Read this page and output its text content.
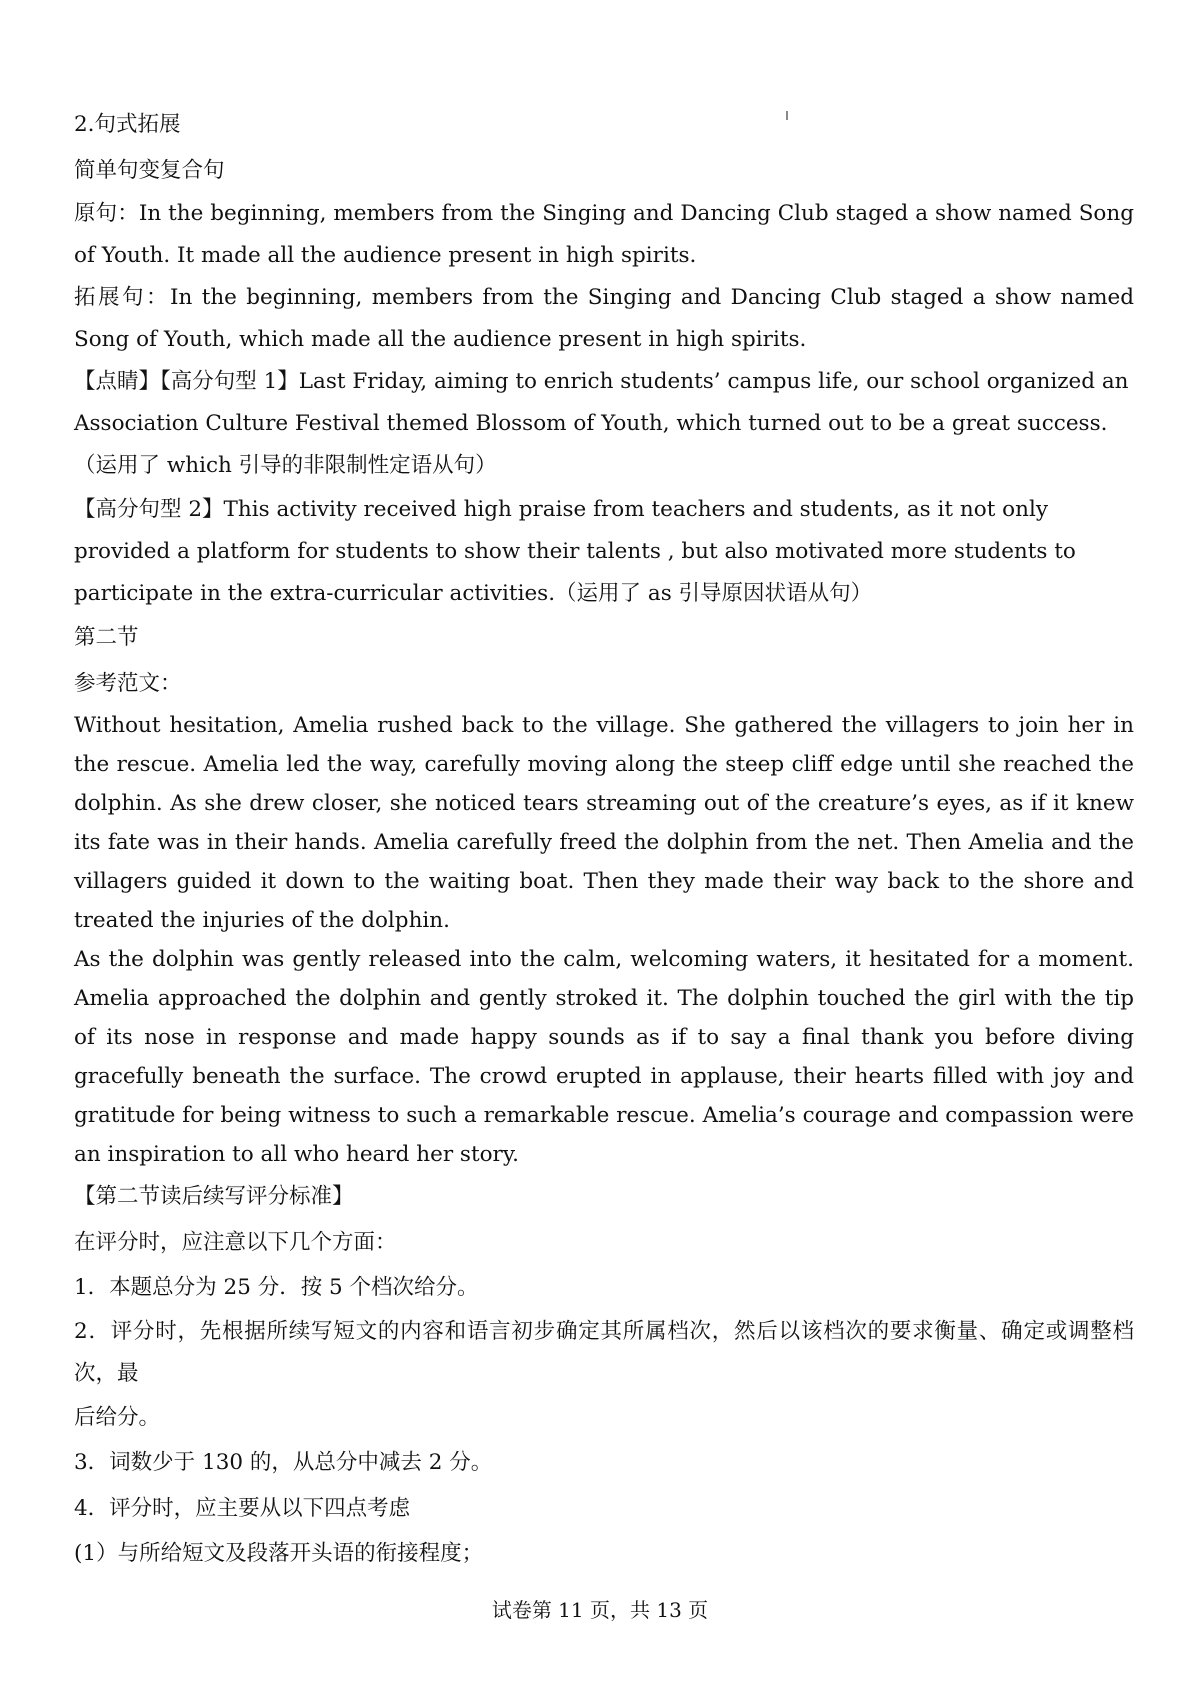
2.句式拓展
简单句变复合句
原句：In the beginning, members from the Singing and Dancing Club staged a show named Song of Youth. It made all the audience present in high spirits.
拓展句：In the beginning, members from the Singing and Dancing Club staged a show named Song of Youth, which made all the audience present in high spirits.
【点睛】【高分句型 1】Last Friday, aiming to enrich students’ campus life, our school organized an Association Culture Festival themed Blossom of Youth, which turned out to be a great success.（运用了 which 引导的非限制性定语从句）
【高分句型 2】This activity received high praise from teachers and students, as it not only provided a platform for students to show their talents , but also motivated more students to participate in the extra-curricular activities.（运用了 as 引导原因状语从句）
第二节
参考范文：
Without hesitation, Amelia rushed back to the village. She gathered the villagers to join her in the rescue. Amelia led the way, carefully moving along the steep cliff edge until she reached the dolphin. As she drew closer, she noticed tears streaming out of the creature’s eyes, as if it knew its fate was in their hands. Amelia carefully freed the dolphin from the net. Then Amelia and the villagers guided it down to the waiting boat. Then they made their way back to the shore and treated the injuries of the dolphin.
As the dolphin was gently released into the calm, welcoming waters, it hesitated for a moment. Amelia approached the dolphin and gently stroked it. The dolphin touched the girl with the tip of its nose in response and made happy sounds as if to say a final thank you before diving gracefully beneath the surface. The crowd erupted in applause, their hearts filled with joy and gratitude for being witness to such a remarkable rescue. Amelia’s courage and compassion were an inspiration to all who heard her story.
【第二节读后续写评分标准】
在评分时，应注意以下几个方面：
1．本题总分为 25 分．按 5 个档次给分。
2．评分时，先根据所续写短文的内容和语言初步确定其所属档次，然后以该档次的要求衡量、确定或调整档次，最
后给分。
3．词数少于 130 的，从总分中减去 2 分。
4．评分时，应主要从以下四点考虑
(1）与所给短文及段落开头语的衔接程度；
试卷第 11 页，共 13 页
